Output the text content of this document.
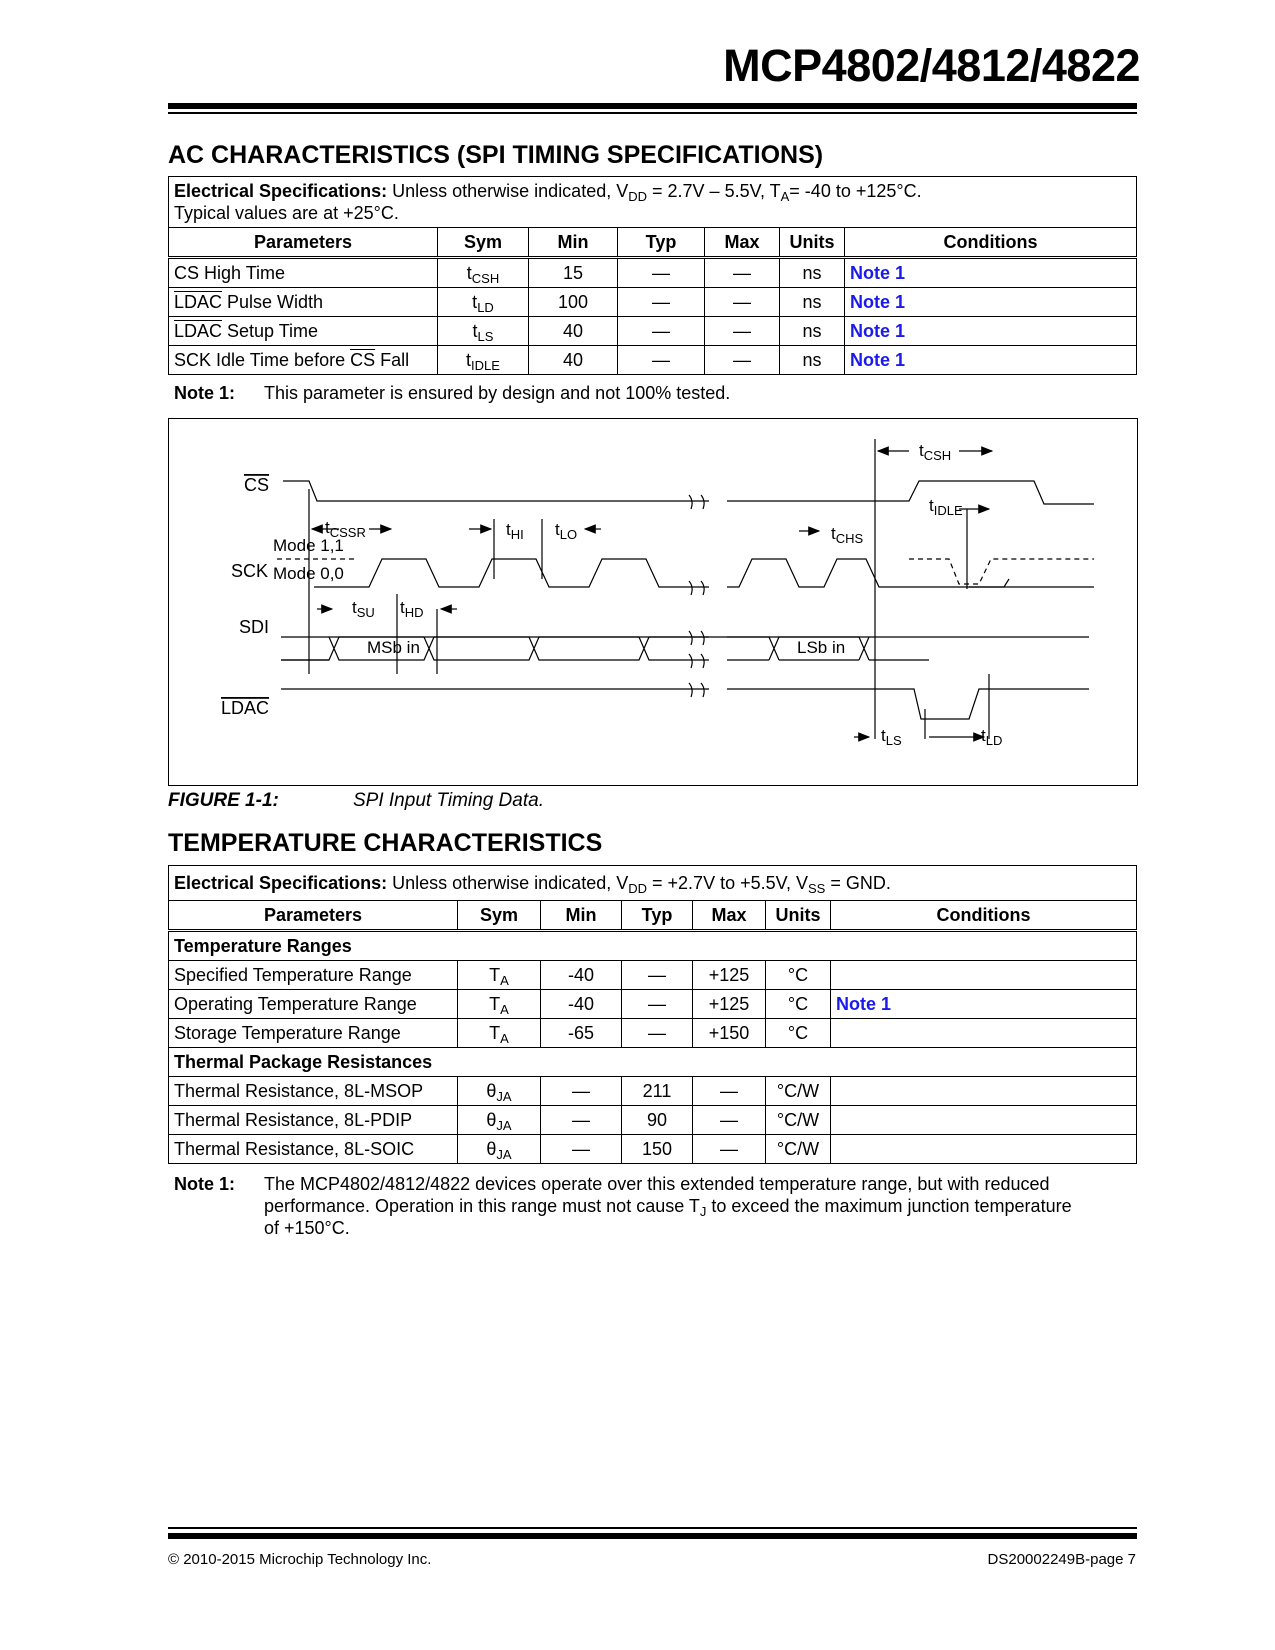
MCP4802/4812/4822
AC CHARACTERISTICS (SPI TIMING SPECIFICATIONS)
Electrical Specifications: Unless otherwise indicated, $V_{DD} = 2.7V - 5.5V$, $T_A= -40$ to +125°C.
Typical values are at +25°C.						
Parameters	Sym	Min	Typ	Max	Units	Conditions
CS High Time	$t_{CSH}$	15	—	—	ns	Note 1
LDAC Pulse Width	$t_{LD}$	100	—	—	ns	Note 1
LDAC Setup Time	$t_{LS}$	40	—	—	ns	Note 1
SCK Idle Time before $\overline{CS}$ Fall	$t_{IDLE}$	40	—	—	ns	Note 1
Note 1: This parameter is ensured by design and not 100% tested.
CS
SCK
SDI
LDAC
Mode 1,1
Mode 0,0
MSb in	LSb in
$t_{CSSR}$	$t_{HI}$ $t_{LO}$	$t_{CHS}$
$t_{CSH}$
$t_{IDLE}$
$t_{SU}$ $t_{HD}$
$t_{LS}$	$t_{LD}$
FIGURE 1-1:	SPI Input Timing Data.
TEMPERATURE CHARACTERISTICS
Electrical Specifications: Unless otherwise indicated, $V_{DD} = +2.7V$ to +5.5V, $V_{SS}$ = GND.						
Parameters	Sym	Min	Typ	Max	Units	Conditions
Temperature Ranges						
Specified Temperature Range	$T_A$	-40	—	+125	°C	
Operating Temperature Range	$T_A$	-40	—	+125	°C	Note 1
Storage Temperature Range	$T_A$	-65	—	+150	°C	
Thermal Package Resistances						
Thermal Resistance, 8L-MSOP	$\theta_{JA}$	—	211	—	°C/W	
Thermal Resistance, 8L-PDIP	$\theta_{JA}$	—	90	—	°C/W	
Thermal Resistance, 8L-SOIC	$\theta_{JA}$	—	150	—	°C/W	
Note 1: The MCP4802/4812/4822 devices operate over this extended temperature range, but with reduced
performance. Operation in this range must not cause $T_J$ to exceed the maximum junction temperature
of +150°C.
© 2010-2015 Microchip Technology Inc.	DS20002249B-page 7
